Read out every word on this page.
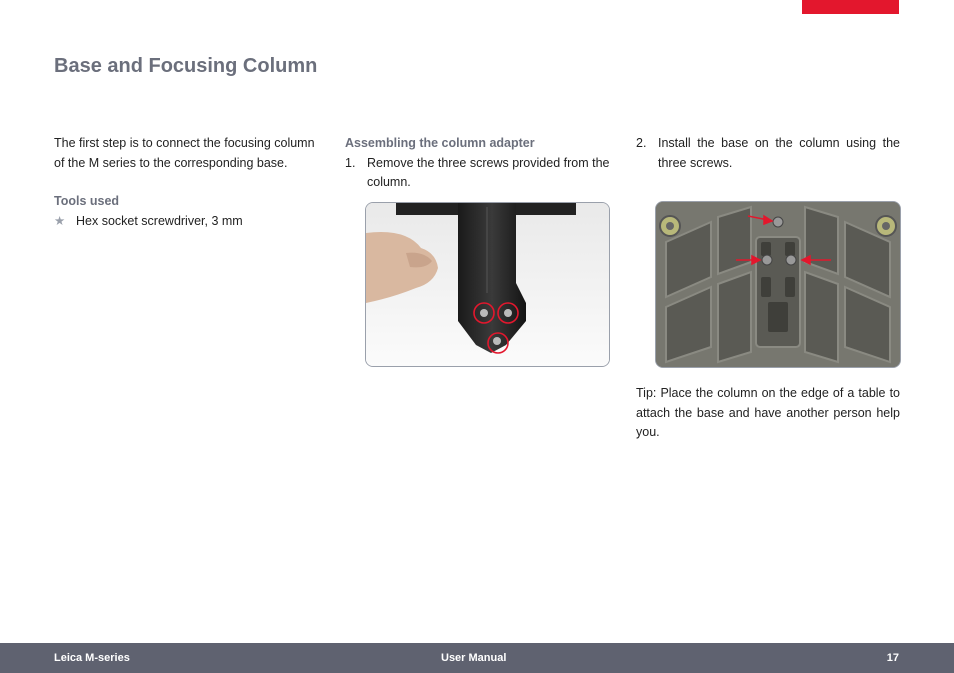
Base and Focusing Column
The first step is to connect the focusing column of the M series to the corresponding base.
Tools used
★ Hex socket screwdriver, 3 mm
Assembling the column adapter
1. Remove the three screws provided from the column.
2. Install the base on the column using the three screws.
Tip: Place the column on the edge of a table to attach the base and have another person help you.
Leica M-series	User Manual	17
